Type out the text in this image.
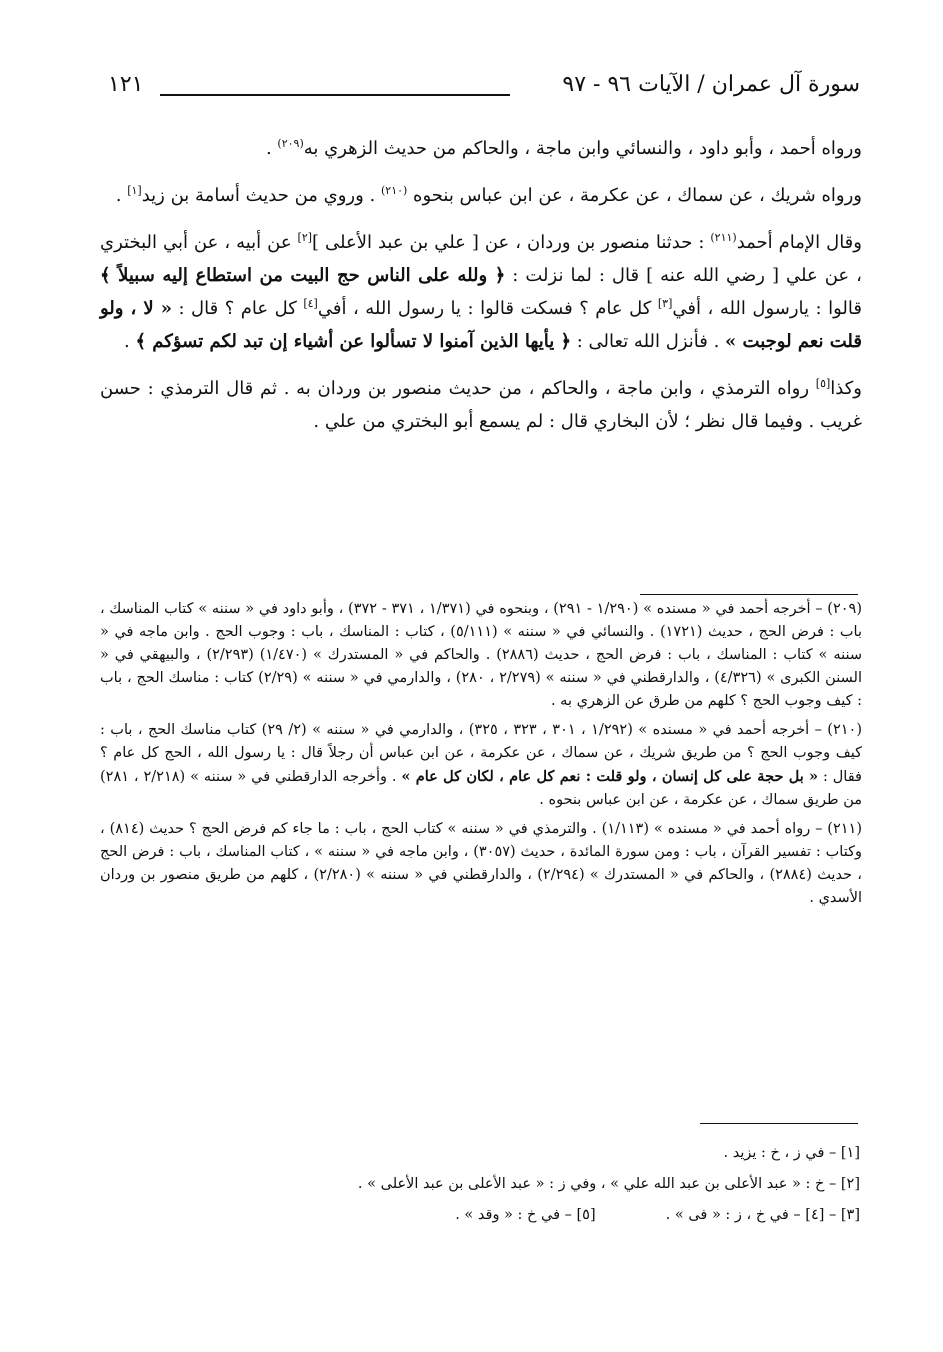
سورة آل عمران / الآيات ٩٦ - ٩٧
١٢١

ورواه أحمد ، وأبو داود ، والنسائي وابن ماجة ، والحاكم من حديث الزهري به$^{(٢٠٩)}$ .

ورواه شريك ، عن سماك ، عن عكرمة ، عن ابن عباس بنحوه $^{(٢١٠)}$ . وروي من حديث أسامة بن زيد[١] .

وقال الإمام أحمد$^{(٢١١)}$ : حدثنا منصور بن وردان ، عن [ علي بن عبد الأعلى ][٢] عن أبيه ، عن أبي البختري ، عن علي [ رضي الله عنه ] قال : لما نزلت : ﴿ ولله على الناس حج البيت من استطاع إليه سبيلاً ﴾ قالوا : يارسول الله ، أفي[٣] كل عام ؟ فسكت قالوا : يا رسول الله ، أفي[٤] كل عام ؟ قال : « لا ، ولو قلت نعم لوجبت » . فأنزل الله تعالى : ﴿ يأيها الذين آمنوا لا تسألوا عن أشياء إن تبد لكم تسؤكم ﴾ .

وكذا[٥] رواه الترمذي ، وابن ماجة ، والحاكم ، من حديث منصور بن وردان به . ثم قال الترمذي : حسن غريب . وفيما قال نظر ؛ لأن البخاري قال : لم يسمع أبو البختري من علي .

(٢٠٩) – أخرجه أحمد في « مسنده » (١/٢٩٠ - ٢٩١) ، وبنحوه في (١/٣٧١ ، ٣٧١ - ٣٧٢) ، وأبو داود في « سننه » كتاب المناسك ، باب : فرض الحج ، حديث (١٧٢١) . والنسائي في « سننه » (٥/١١١) ، كتاب : المناسك ، باب : وجوب الحج . وابن ماجه في « سننه » كتاب : المناسك ، باب : فرض الحج ، حديث (٢٨٨٦) . والحاكم في « المستدرك » (١/٤٧٠) (٢/٢٩٣) ، والبيهقي في « السنن الكبرى » (٤/٣٢٦) ، والدارقطني في « سننه » (٢/٢٧٩ ، ٢٨٠) ، والدارمي في « سننه » (٢/٢٩) كتاب : مناسك الحج ، باب : كيف وجوب الحج ؟ كلهم من طرق عن الزهري به .

(٢١٠) – أخرجه أحمد في « مسنده » (١/٢٩٢ ، ٣٠١ ، ٣٢٣ ، ٣٢٥) ، والدارمي في « سننه » (٢/ ٢٩) كتاب مناسك الحج ، باب : كيف وجوب الحج ؟ من طريق شريك ، عن سماك ، عن عكرمة ، عن ابن عباس أن رجلاً قال : يا رسول الله ، الحج كل عام ؟ فقال : « بل حجة على كل إنسان ، ولو قلت : نعم كل عام ، لكان كل عام » . وأخرجه الدارقطني في « سننه » (٢/٢١٨ ، ٢٨١) من طريق سماك ، عن عكرمة ، عن ابن عباس بنحوه .

(٢١١) – رواه أحمد في « مسنده » (١/١١٣) . والترمذي في « سننه » كتاب الحج ، باب : ما جاء كم فرض الحج ؟ حديث (٨١٤) ، وكتاب : تفسير القرآن ، باب : ومن سورة المائدة ، حديث (٣٠٥٧) ، وابن ماجه في « سننه » ، كتاب المناسك ، باب : فرض الحج ، حديث (٢٨٨٤) ، والحاكم في « المستدرك » (٢/٢٩٤) ، والدارقطني في « سننه » (٢/٢٨٠) ، كلهم من طريق منصور بن وردان الأسدي .

[١] – في ز ، خ : يزيد .
[٢] – خ : « عبد الأعلى بن عبد الله علي » ، وفي ز : « عبد الأعلى بن عبد الأعلى » .
[٣] – [٤] – في خ ، ز : « فى » .[٥] – في خ : « وقد » .
